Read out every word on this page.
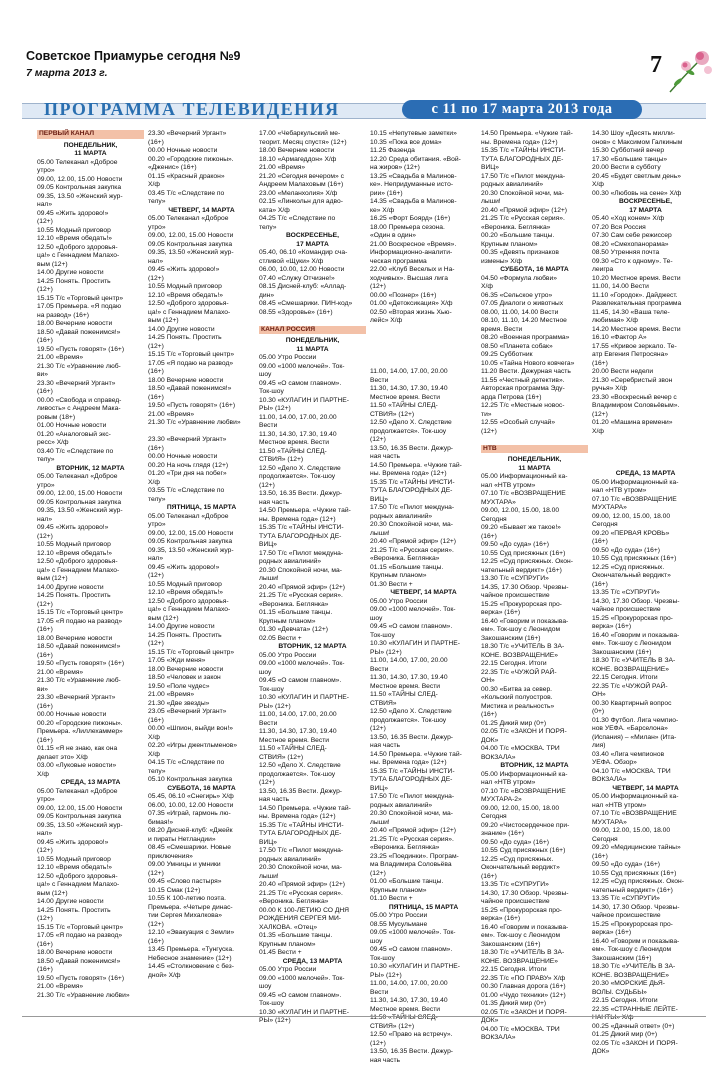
Советское Приамурье сегодня №9
7 марта 2013 г.	7
ПРОГРАММА ТЕЛЕВИДЕНИЯ	с 11 по 17 марта 2013 года
ПЕРВЫЙ КАНАЛ
ПОНЕДЕЛЬНИК,
11 МАРТА
05.00 Телеканал «Доброе
утро»
09.00, 12.00, 15.00 Новости
09.05 Контрольная закупка
09.35, 13.50 «Женский жур-
нал»
09.45 «Жить здорово!»
(12+)
10.55 Модный приговор
12.10 «Время обедать!»
12.50 «Доброго здоровья-
ца!» с Геннадием Малахо-
вым (12+)
14.00 Другие новости
14.25 Понять. Простить
(12+)
15.15 Т/с «Торговый центр»
17.05 Премьера. «Я подаю
на развод» (16+)
18.00 Вечерние новости
18.50 «Давай поженимся!»
(16+)
19.50 «Пусть говорят» (16+)
21.00 «Время»
21.30 Т/с «Уравнение люб-
ви»
23.30 «Вечерний Ургант»
(16+)
00.00 «Свобода и справед-
ливость» с Андреем Мака-
ровым (18+)
01.00 Ночные новости
01.20 «Аналоговый экс-
ресс» Х/ф
03.40 Т/с «Следствие по
телу»
ВТОРНИК, 12 МАРТА
05.00 Телеканал «Доброе
утро»
09.00, 12.00, 15.00 Новости
09.05 Контрольная закупка
09.35, 13.50 «Женский жур-
нал»
09.45 «Жить здорово!»
(12+)
10.55 Модный приговор
12.10 «Время обедать!»
12.50 «Доброго здоровья-
ца!» с Геннадием Малахо-
вым (12+)
14.00 Другие новости
14.25 Понять. Простить
(12+)
15.15 Т/с «Торговый центр»
17.05 «Я подаю на развод»
(16+)
18.00 Вечерние новости
18.50 «Давай поженимся!»
(16+)
19.50 «Пусть говорят» (16+)
21.00 «Время»
21.30 Т/с «Уравнение люб-
ви»
23.30 «Вечерний Ургант»
(16+)
00.00 Ночные новости
00.20 «Городские пижоны».
Премьера. «Лиллехаммер»
(16+)
01.15 «Я не знаю, как она
делает это» Х/ф
03.00 «Луковые новости»
Х/ф
СРЕДА, 13 МАРТА
05.00 Телеканал «Доброе
утро»
09.00, 12.00, 15.00 Новости
09.05 Контрольная закупка
09.35, 13.50 «Женский жур-
нал»
09.45 «Жить здорово!»
(12+)
10.55 Модный приговор
12.10 «Время обедать!»
12.50 «Доброго здоровья-
ца!» с Геннадием Малахо-
вым (12+)
14.00 Другие новости
14.25 Понять. Простить
(12+)
15.15 Т/с «Торговый центр»
17.05 «Я подаю на развод»
(16+)
18.00 Вечерние новости
18.50 «Давай поженимся!»
(16+)
19.50 «Пусть говорят» (16+)
21.00 «Время»
21.30 Т/с «Уравнение любви»
23.30 «Вечерний Ургант»
(16+)
00.00 Ночные новости
00.20 «Городские пижоны».
«Дженис» (16+)
01.15 «Красный дракон»
Х/ф
03.45 Т/с «Следствие по
телу»
ЧЕТВЕРГ, 14 МАРТА
05.00 Телеканал «Доброе
утро»
09.00, 12.00, 15.00 Новости
09.05 Контрольная закупка
09.35, 13.50 «Женский жур-
нал»
09.45 «Жить здорово!»
(12+)
10.55 Модный приговор
12.10 «Время обедать!»
12.50 «Доброго здоровья-
ца!» с Геннадием Малахо-
вым (12+)
14.00 Другие новости
14.25 Понять. Простить
(12+)
15.15 Т/с «Торговый центр»
17.05 «Я подаю на развод»
(16+)
18.00 Вечерние новости
18.50 «Давай поженимся!»
(16+)
19.50 «Пусть говорят» (16+)
21.00 «Время»
21.30 Т/с «Уравнение любви»

23.30 «Вечерний Ургант»
(16+)
00.00 Ночные новости
00.20 На ночь глядя (12+)
01.20 «Три дня на побег»
Х/ф
03.55 Т/с «Следствие по
телу»
ПЯТНИЦА, 15 МАРТА
05.00 Телеканал «Доброе
утро»
09.00, 12.00, 15.00 Новости
09.05 Контрольная закупка
09.35, 13.50 «Женский жур-
нал»
09.45 «Жить здорово!»
(12+)
10.55 Модный приговор
12.10 «Время обедать!»
12.50 «Доброго здоровья-
ца!» с Геннадием Малахо-
вым (12+)
14.00 Другие новости
14.25 Понять. Простить
(12+)
15.15 Т/с «Торговый центр»
17.05 «Жди меня»
18.00 Вечерние новости
18.50 «Человек и закон
19.50 «Поле чудес»
21.00 «Время»
21.30 «Две звезды»
23.05 «Вечерний Ургант»
(16+)
00.00 «Шпион, выйди вон!»
Х/ф
02.20 «Игры джентльменов»
Х/ф
04.15 Т/с «Следствие по
телу»
05.10 Контрольная закупка
СУББОТА, 16 МАРТА
05.45, 06.10 «Снегирь» Х/ф
06.00, 10.00, 12.00 Новости
07.35 «Играй, гармонь лю-
бимая!»
08.20 Дисней-клуб: «Джейк
и пираты Нетландии»
08.45 «Смешарики. Новые
приключения»
09.00 Умницы и умники
(12+)
09.45 «Слово пастыря»
10.15 Смак (12+)
10.55 К 100-летию поэта.
Премьера. «Четыре динас-
тии Сергея Михалкова»
(12+)
12.10 «Эвакуация с Земли»
(16+)
13.45 Премьера. «Тунгуска.
Небесное знамение» (12+)
14.45 «Столкновение с без-
дной» Х/ф
17.00 «Чебаркульский ме-
теорит. Месяц спустя» (12+)
18.00 Вечерние новости
18.10 «Армагеддон» Х/ф
21.00 «Время»
21.20 «Сегодня вечером» с
Андреем Малаховым (16+)
23.00 «Меланхолия» Х/ф
02.15 «Линкольн для адво-
ката» Х/ф
04.25 Т/с «Следствие по
телу»
ВОСКРЕСЕНЬЕ,
17 МАРТА
05.40, 06.10 «Командир сча-
стливой «Щуки» Х/ф
06.00, 10.00, 12.00 Новости
07.40 «Служу Отчизне!»
08.15 Дисней-клуб: «Аллад-
дин»
08.45 «Смешарики. ПИН-код»
08.55 «Здоровье» (16+)

КАНАЛ РОССИЯ
ПОНЕДЕЛЬНИК,
11 МАРТА
05.00 Утро России
09.00 «1000 мелочей». Ток-
шоу
09.45 «О самом главном».
Ток-шоу
10.30 «КУЛАГИН И ПАРТНЕ-
РЫ» (12+)
11.00, 14.00, 17.00, 20.00
Вести
11.30, 14.30, 17.30, 19.40
Местное время. Вести
11.50 «ТАЙНЫ СЛЕД-
СТВИЯ» (12+)
12.50 «Дело Х. Следствие
продолжается». Ток-шоу
(12+)
13.50, 16.35 Вести. Дежур-
ная часть
14.50 Премьера. «Чужие тай-
ны. Времена года» (12+)
15.35 Т/с «ТАЙНЫ ИНСТИ-
ТУТА БЛАГОРОДНЫХ ДЕ-
ВИЦ»
17.50 Т/с «Пилот междуна-
родных авиалиний»
20.30 Спокойной ночи, ма-
лыши!
20.40 «Прямой эфир» (12+)
21.25 Т/с «Русская серия».
«Вероника. Беглянка»
01.15 «Большие танцы.
Крупным планом»
01.30 «Девчата» (12+)
02.05 Вести +
ВТОРНИК, 12 МАРТА
05.00 Утро России
09.00 «1000 мелочей». Ток-
шоу
09.45 «О самом главном».
Ток-шоу
10.30 «КУЛАГИН И ПАРТНЕ-
РЫ» (12+)
11.00, 14.00, 17.00, 20.00
Вести
11.30, 14.30, 17.30, 19.40
Местное время. Вести
11.50 «ТАЙНЫ СЛЕД-
СТВИЯ» (12+)
12.50 «Дело Х. Следствие
продолжается». Ток-шоу
(12+)
13.50, 16.35 Вести. Дежур-
ная часть
14.50 Премьера. «Чужие тай-
ны. Времена года» (12+)
15.35 Т/с «ТАЙНЫ ИНСТИ-
ТУТА БЛАГОРОДНЫХ ДЕ-
ВИЦ»
17.50 Т/с «Пилот междуна-
родных авиалиний»
20.30 Спокойной ночи, ма-
лыши!
20.40 «Прямой эфир» (12+)
21.25 Т/с «Русская серия».
«Вероника. Беглянка»
00.00 К 100-ЛЕТИЮ СО ДНЯ
РОЖДЕНИЯ СЕРГЕЯ МИ-
ХАЛКОВА. «Отец»
01.35 «Большие танцы.
Крупным планом»
01.45 Вести +
СРЕДА, 13 МАРТА
05.00 Утро России
09.00 «1000 мелочей». Ток-
шоу
09.45 «О самом главном».
Ток-шоу
10.30 «КУЛАГИН И ПАРТНЕ-
РЫ» (12+)
10.15 «Непутевые заметки»
10.35 «Пока все дома»
11.25 Фазенда
12.20 Среда обитания. «Вой-
на жиров» (12+)
13.25 «Свадьба в Малинов-
ке». Непридуманные исто-
рии» (16+)
14.35 «Свадьба в Малинов-
ке» Х/ф
16.25 «Форт Боярд» (16+)
18.00 Премьера сезона.
«Один в один»
21.00 Воскресное «Время».
Информационно-аналити-
ческая программа
22.00 «Клуб Веселых и На-
ходчивых». Высшая лига
(12+)
00.00 «Познер» (16+)
01.00 «Детоксикация» Х/ф
02.50 «Вторая жизнь Хью-
лейс» Х/ф

11.00, 14.00, 17.00, 20.00
Вести
11.30, 14.30, 17.30, 19.40
Местное время. Вести
11.50 «ТАЙНЫ СЛЕД-
СТВИЯ» (12+)
12.50 «Дело Х. Следствие
продолжается». Ток-шоу
(12+)
13.50, 16.35 Вести. Дежур-
ная часть
14.50 Премьера. «Чужие тай-
ны. Времена года» (12+)
15.35 Т/с «ТАЙНЫ ИНСТИ-
ТУТА БЛАГОРОДНЫХ ДЕ-
ВИЦ»
17.50 Т/с «Пилот междуна-
родных авиалиний»
20.30 Спокойной ночи, ма-
лыши!
20.40 «Прямой эфир» (12+)
21.25 Т/с «Русская серия».
«Вероника. Беглянка»
01.15 «Большие танцы.
Крупным планом»
01.30 Вести +
ЧЕТВЕРГ, 14 МАРТА
05.00 Утро России
09.00 «1000 мелочей». Ток-
шоу
09.45 «О самом главном».
Ток-шоу
10.30 «КУЛАГИН И ПАРТНЕ-
РЫ» (12+)
11.00, 14.00, 17.00, 20.00
Вести
11.30, 14.30, 17.30, 19.40
Местное время. Вести
11.50 «ТАЙНЫ СЛЕД-
СТВИЯ»
12.50 «Дело Х. Следствие
продолжается». Ток-шоу
(12+)
13.50, 16.35 Вести. Дежур-
ная часть
14.50 Премьера. «Чужие тай-
ны. Времена года» (12+)
15.35 Т/с «ТАЙНЫ ИНСТИ-
ТУТА БЛАГОРОДНЫХ ДЕ-
ВИЦ»
17.50 Т/с «Пилот междуна-
родных авиалиний»
20.30 Спокойной ночи, ма-
лыши!
20.40 «Прямой эфир» (12+)
21.25 Т/с «Русская серия».
«Вероника. Беглянка»
23.25 «Поединки». Програм-
ма Владимира Соловьёва
(12+)
01.00 «Большие танцы.
Крупным планом»
01.10 Вести +
ПЯТНИЦА, 15 МАРТА
05.00 Утро России
08.55 Мусульмане
09.05 «1000 мелочей». Ток-
шоу
09.45 «О самом главном».
Ток-шоу
10.30 «КУЛАГИН И ПАРТНЕ-
РЫ» (12+)
11.00, 14.00, 17.00, 20.00
Вести
11.30, 14.30, 17.30, 19.40
Местное время. Вести
11.50 «ТАЙНЫ СЛЕД-
СТВИЯ» (12+)
12.50 «Право на встречу».
(12+)
13.50, 16.35 Вести. Дежур-
ная часть
14.50 Премьера. «Чужие тай-
ны. Времена года» (12+)
15.35 Т/с «ТАЙНЫ ИНСТИ-
ТУТА БЛАГОРОДНЫХ ДЕ-
ВИЦ»
17.50 Т/с «Пилот междуна-
родных авиалиний»
20.30 Спокойной ночи, ма-
лыши!
20.40 «Прямой эфир» (12+)
21.25 Т/с «Русская серия».
«Вероника. Беглянка»
00.20 «Большие танцы.
Крупным планом»
00.35 «Девять признаков
измены» Х/ф
СУББОТА, 16 МАРТА
04.50 «Формула любви»
Х/ф
06.35 «Сельское утро»
07.05 Диалоги о животных
08.00, 11.00, 14.00 Вести
08.10, 11.10, 14.20 Местное
время. Вести
08.20 «Военная программа»
08.50 «Планета собак»
09.25 Субботник
10.05 «Тайна Нового ковчега»
11.20 Вести. Дежурная часть
11.55 «Честный детектив».
Авторская программа Эду-
арда Петрова (16+)
12.25 Т/с «Местные новос-
ти»
12.55 «Особый случай»
(12+)

НТВ
ПОНЕДЕЛЬНИК,
11 МАРТА
05.00 Информационный ка-
нал «НТВ утром»
07.10 Т/с «ВОЗВРАЩЕНИЕ
МУХТАРА»
09.00, 12.00, 15.00, 18.00
Сегодня
09.20 «Бывает же такое!»
(16+)
09.50 «До суда» (16+)
10.55 Суд присяжных (16+)
12.25 «Суд присяжных. Окон-
чательный вердикт» (16+)
13.30 Т/с «СУПРУГИ»
14.35, 17.30 Обзор. Чрезвы-
чайное происшествие
15.25 «Прокурорская про-
верка» (16+)
16.40 «Говорим и показыва-
ем». Ток-шоу с Леонидом
Закошанским (16+)
18.30 Т/с «УЧИТЕЛЬ В ЗА-
КОНЕ. ВОЗВРАЩЕНИЕ»
22.15 Сегодня. Итоги
22.35 Т/с «ЧУЖОЙ РАЙ-
ОН»
00.30 «Битва за север.
«Кольский полуостров.
Мистика и реальность»
(16+)
01.25 Дикий мир (0+)
02.05 Т/с «ЗАКОН И ПОРЯ-
ДОК»
04.00 Т/с «МОСКВА. ТРИ
ВОКЗАЛА»
ВТОРНИК, 12 МАРТА
05.00 Информационный ка-
нал «НТВ утром»
07.10 Т/с «ВОЗВРАЩЕНИЕ
МУХТАРА-2»
09.00, 12.00, 15.00, 18.00
Сегодня
09.20 «Чистосердечное при-
знание» (16+)
09.50 «До суда» (16+)
10.55 Суд присяжных (16+)
12.25 «Суд присяжных.
Окончательный вердикт»
(16+)
13.35 Т/с «СУПРУГИ»
14.30, 17.30 Обзор. Чрезвы-
чайное происшествие
15.25 «Прокурорская про-
верка» (16+)
16.40 «Говорим и показыва-
ем». Ток-шоу с Леонидом
Закошанским (16+)
18.30 Т/с «УЧИТЕЛЬ В ЗА-
КОНЕ. ВОЗВРАЩЕНИЕ»
22.15 Сегодня. Итоги
22.35 Т/с «ПО ПРАВУ» Х/ф
00.30 Главная дорога (16+)
01.00 «Чудо техники» (12+)
01.35 Дикий мир (0+)
02.05 Т/с «ЗАКОН И ПОРЯ-
ДОК»
04.00 Т/с «МОСКВА. ТРИ
ВОКЗАЛА»
14.30 Шоу «Десять милли-
онов» с Максимом Галкиным
15.30 Субботний вечер
17.30 «Большие танцы»
20.00 Вести в субботу
20.45 «Будет светлым день»
Х/ф
00.30 «Любовь на сене» Х/ф
ВОСКРЕСЕНЬЕ,
17 МАРТА
05.40 «Ход конем» Х/ф
07.20 Вся Россия
07.30 Сам себе режиссер
08.20 «Смехопанорама»
08.50 Утренняя почта
09.30 «Сто к одному». Те-
леигра
10.20 Местное время. Вести
11.00, 14.00 Вести
11.10 «Городок». Дайджест.
Развлекательная программа
11.45, 14.30 «Ваша теле-
любимая» Х/ф
14.20 Местное время. Вести
16.10 «Фактор А»
17.55 «Кривое зеркало. Те-
атр Евгения Петросяна»
(16+)
20.00 Вести недели
21.30 «Серебристый звон
ручья» Х/ф
23.30 «Воскресный вечер с
Владимиром Соловьёвым».
(12+)
01.20 «Машина времени»
Х/ф

СРЕДА, 13 МАРТА
05.00 Информационный ка-
нал «НТВ утром»
07.10 Т/с «ВОЗВРАЩЕНИЕ
МУХТАРА»
09.00, 12.00, 15.00, 18.00
Сегодня
09.20 «ПЕРВАЯ КРОВЬ»
(16+)
09.50 «До суда» (16+)
10.55 Суд присяжных (16+)
12.25 «Суд присяжных.
Окончательный вердикт»
(16+)
13.35 Т/с «СУПРУГИ»
14.30, 17.30 Обзор. Чрезвы-
чайное происшествие
15.25 «Прокурорская про-
верка» (16+)
16.40 «Говорим и показыва-
ем». Ток-шоу с Леонидом
Закошанским (16+)
18.30 Т/с «УЧИТЕЛЬ В ЗА-
КОНЕ. ВОЗВРАЩЕНИЕ»
22.15 Сегодня. Итоги
22.35 Т/с «ЧУЖОЙ РАЙ-
ОН»
00.30 Квартирный вопрос
(0+)
01.30 Футбол. Лига чемпио-
нов УЕФА. «Барселона»
(Испания) – «Милан» (Ита-
лия)
03.40 «Лига чемпионов
УЕФА. Обзор»
04.10 Т/с «МОСКВА. ТРИ
ВОКЗАЛА»
ЧЕТВЕРГ, 14 МАРТА
05.00 Информационный ка-
нал «НТВ утром»
07.10 Т/с «ВОЗВРАЩЕНИЕ
МУХТАРА»
09.00, 12.00, 15.00, 18.00
Сегодня
09.20 «Медицинские тайны»
(16+)
09.50 «До суда» (16+)
10.55 Суд присяжных (16+)
12.25 «Суд присяжных. Окон-
чательный вердикт» (16+)
13.35 Т/с «СУПРУГИ»
14.30, 17.30 Обзор. Чрезвы-
чайное происшествие
15.25 «Прокурорская про-
верка» (16+)
16.40 «Говорим и показыва-
ем». Ток-шоу с Леонидом
Закошанским (16+)
18.30 Т/с «УЧИТЕЛЬ В ЗА-
КОНЕ. ВОЗВРАЩЕНИЕ»
20.30 «МОРСКИЕ ДЬЯ-
ВОЛЫ. СУДЬБЫ»
22.15 Сегодня. Итоги
22.35 «СТРАННЫЕ ЛЕЙТЕ-
НАНТЫ» Х/ф
00.25 «Дачный ответ» (0+)
01.25 Дикий мир (0+)
02.05 Т/с «ЗАКОН И ПОРЯ-
ДОК»
